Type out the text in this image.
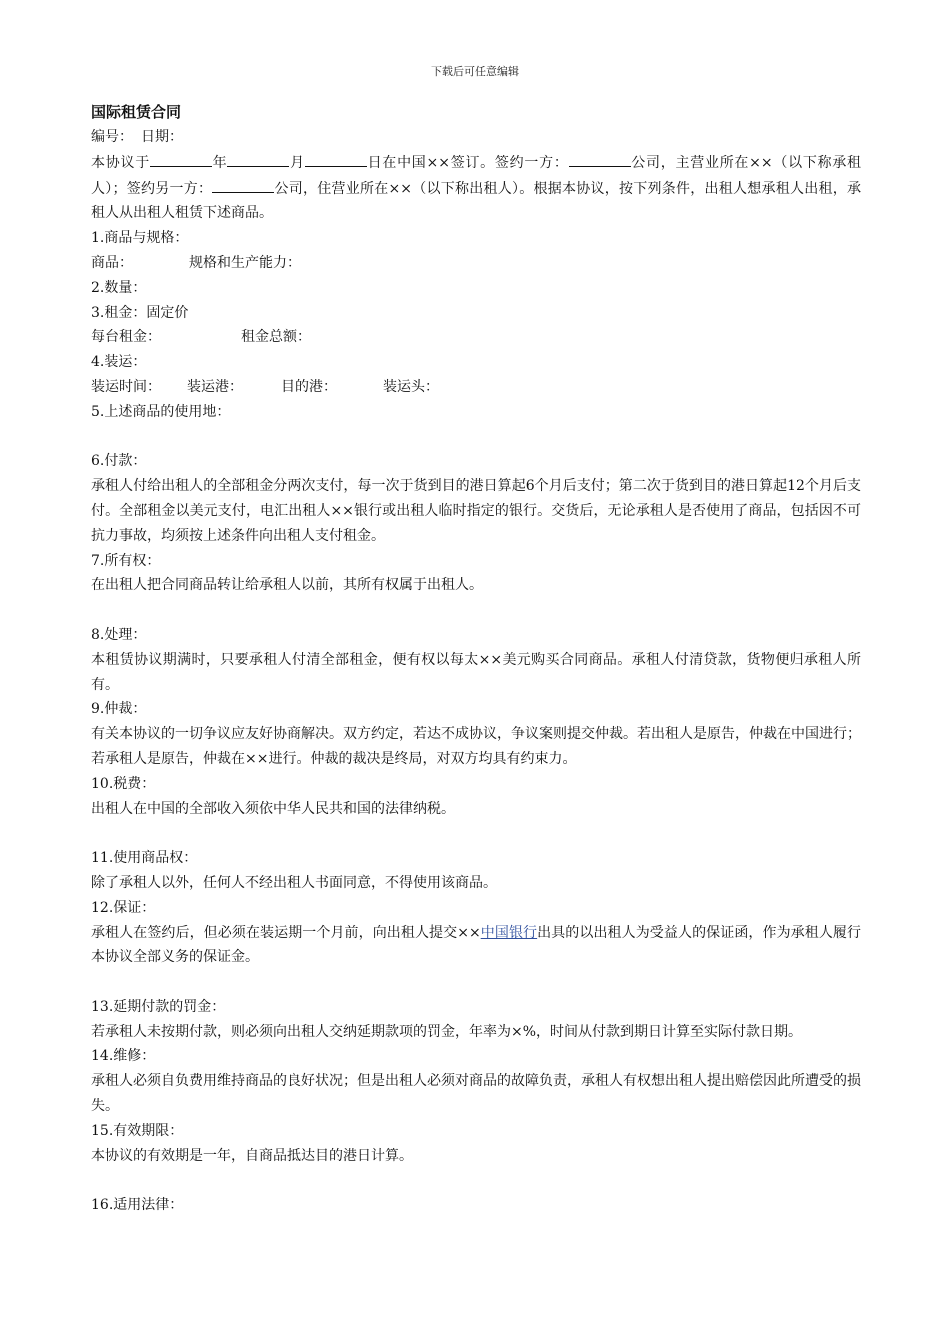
下载后可任意编辑

国际租赁合同

编号： 日期：

本协议于	年	月	日在中国××签订。签约一方：	公司，主营业所在××（以下称承租人）；签约另一方：	公司，住营业所在××（以下称出租人）。根据本协议，按下列条件，出租人想承租人出租，承租人从出租人租赁下述商品。

1.商品与规格：

商品：	规格和生产能力：

2.数量：

3.租金：固定价

每台租金：	租金总额：

4.装运：

装运时间： 装运港：	目的港：	装运头：

5.上述商品的使用地：

6.付款：

承租人付给出租人的全部租金分两次支付，每一次于货到目的港日算起6个月后支付；第二次于货到目的港日算起12个月后支付。全部租金以美元支付，电汇出租人××银行或出租人临时指定的银行。交货后，无论承租人是否使用了商品，包括因不可抗力事故，均须按上述条件向出租人支付租金。

7.所有权：

在出租人把合同商品转让给承租人以前，其所有权属于出租人。

8.处理：

本租赁协议期满时，只要承租人付清全部租金，便有权以每太××美元购买合同商品。承租人付清贷款，货物便归承租人所有。

9.仲裁：

有关本协议的一切争议应友好协商解决。双方约定，若达不成协议，争议案则提交仲裁。若出租人是原告，仲裁在中国进行；若承租人是原告，仲裁在××进行。仲裁的裁决是终局，对双方均具有约束力。

10.税费：

出租人在中国的全部收入须依中华人民共和国的法律纳税。

11.使用商品权：

除了承租人以外，任何人不经出租人书面同意，不得使用该商品。

12.保证：

承租人在签约后，但必须在装运期一个月前，向出租人提交××中国银行出具的以出租人为受益人的保证函，作为承租人履行本协议全部义务的保证金。

13.延期付款的罚金：

若承租人未按期付款，则必须向出租人交纳延期款项的罚金，年率为×%，时间从付款到期日计算至实际付款日期。

14.维修：

承租人必须自负费用维持商品的良好状况；但是出租人必须对商品的故障负责，承租人有权想出租人提出赔偿因此所遭受的损失。

15.有效期限：

本协议的有效期是一年，自商品抵达目的港日计算。

16.适用法律：
